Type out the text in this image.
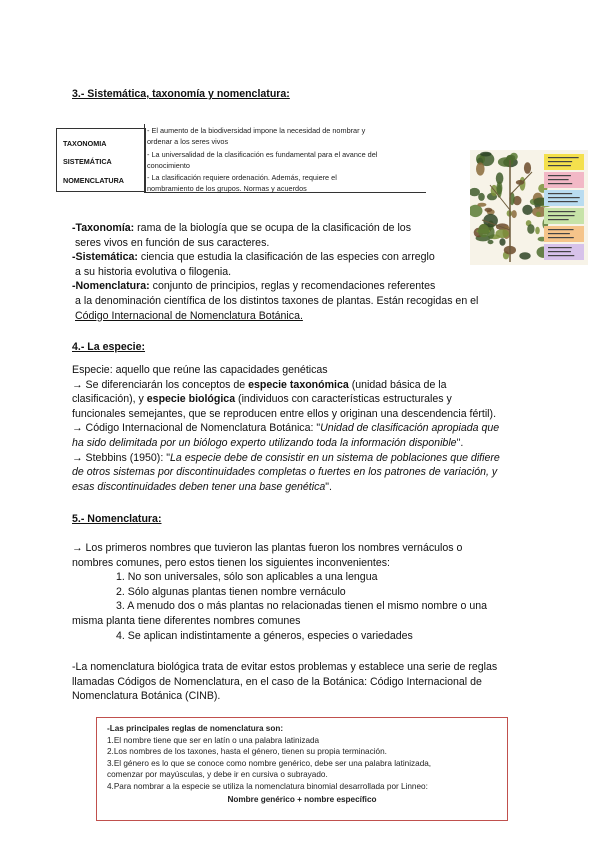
3.- Sistemática, taxonomía y nomenclatura:
TAXONOMIA
SISTEMÁTICA
NOMENCLATURA
- El aumento de la biodiversidad impone la necesidad de nombrar y
ordenar a los seres vivos
- La universalidad de la clasificación es fundamental para el avance del
conocimiento
- La clasificación requiere ordenación. Además, requiere el
nombramiento de los grupos. Normas y acuerdos
-Taxonomía: rama de la biología que se ocupa de la clasificación de los
seres vivos en función de sus caracteres.
-Sistemática: ciencia que estudia la clasificación de las especies con arreglo
a su historia evolutiva o filogenia.
-Nomenclatura: conjunto de principios, reglas y recomendaciones referentes
a la denominación científica de los distintos taxones de plantas. Están recogidas en el
Código Internacional de Nomenclatura Botánica.
4.- La especie:
Especie: aquello que reúne las capacidades genéticas
→ Se diferenciarán los conceptos de especie taxonómica (unidad básica de la
clasificación), y especie biológica (individuos con características estructurales y
funcionales semejantes, que se reproducen entre ellos y originan una descendencia fértil).
→ Código Internacional de Nomenclatura Botánica: "Unidad de clasificación apropiada que
ha sido delimitada por un biólogo experto utilizando toda la información disponible".
→ Stebbins (1950): "La especie debe de consistir en un sistema de poblaciones que difiere
de otros sistemas por discontinuidades completas o fuertes en los patrones de variación, y
esas discontinuidades deben tener una base genética".
5.- Nomenclatura:
→ Los primeros nombres que tuvieron las plantas fueron los nombres vernáculos o
nombres comunes, pero estos tienen los siguientes inconvenientes:
1. No son universales, sólo son aplicables a una lengua
2. Sólo algunas plantas tienen nombre vernáculo
3. A menudo dos o más plantas no relacionadas tienen el mismo nombre o una
misma planta tiene diferentes nombres comunes
4. Se aplican indistintamente a géneros, especies o variedades
-La nomenclatura biológica trata de evitar estos problemas y establece una serie de reglas
llamadas Códigos de Nomenclatura, en el caso de la Botánica: Código Internacional de
Nomenclatura Botánica (CINB).
-Las principales reglas de nomenclatura son:
1.El nombre tiene que ser en latín o una palabra latinizada
2.Los nombres de los taxones, hasta el género, tienen su propia terminación.
3.El género es lo que se conoce como nombre genérico, debe ser una palabra latinizada,
comenzar por mayúsculas, y debe ir en cursiva o subrayado.
4.Para nombrar a la especie se utiliza la nomenclatura binomial desarrollada por Linneo:
Nombre genérico + nombre específico
